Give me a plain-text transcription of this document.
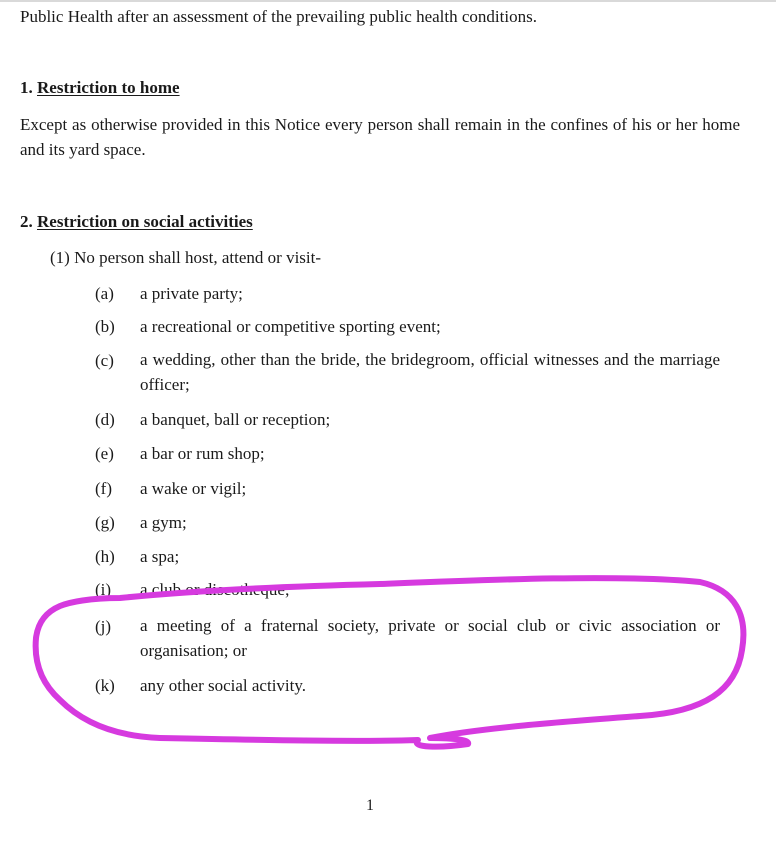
Public Health after an assessment of the prevailing public health conditions.
1. Restriction to home
Except as otherwise provided in this Notice every person shall remain in the confines of his or her home and its yard space.
2. Restriction on social activities
(1) No person shall host, attend or visit-
(a) a private party;
(b) a recreational or competitive sporting event;
(c) a wedding, other than the bride, the bridegroom, official witnesses and the marriage officer;
(d) a banquet, ball or reception;
(e) a bar or rum shop;
(f) a wake or vigil;
(g) a gym;
(h) a spa;
(i) a club or discotheque;
(j) a meeting of a fraternal society, private or social club or civic association or organisation; or
(k) any other social activity.
1
